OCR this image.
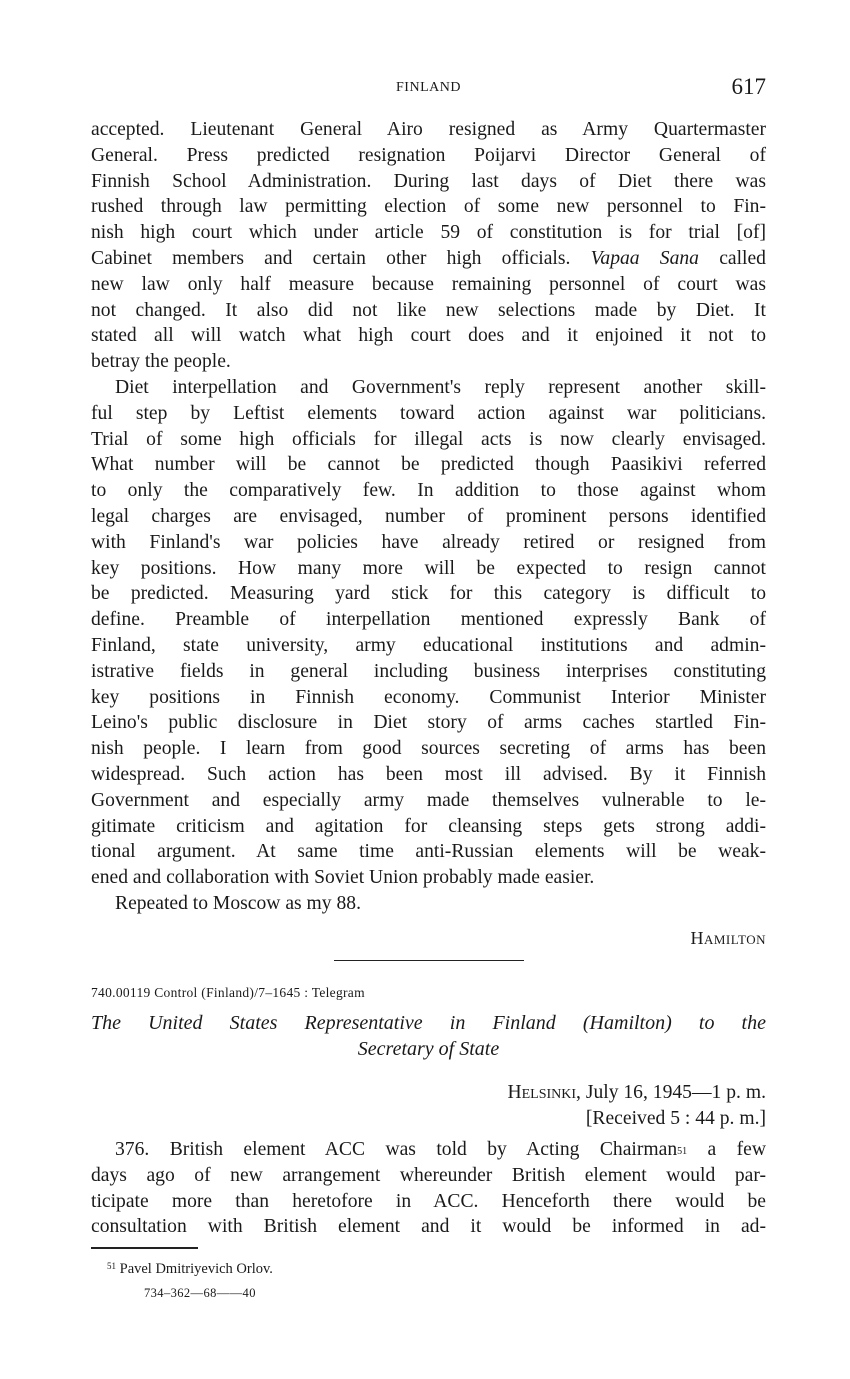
FINLAND	617
accepted. Lieutenant General Airo resigned as Army Quartermaster
General. Press predicted resignation Poijarvi Director General of
Finnish School Administration. During last days of Diet there was
rushed through law permitting election of some new personnel to Fin-
nish high court which under article 59 of constitution is for trial [of]
Cabinet members and certain other high officials. Vapaa Sana called
new law only half measure because remaining personnel of court was
not changed. It also did not like new selections made by Diet. It
stated all will watch what high court does and it enjoined it not to
betray the people.
Diet interpellation and Government's reply represent another skill-
ful step by Leftist elements toward action against war politicians.
Trial of some high officials for illegal acts is now clearly envisaged.
What number will be cannot be predicted though Paasikivi referred
to only the comparatively few. In addition to those against whom
legal charges are envisaged, number of prominent persons identified
with Finland's war policies have already retired or resigned from
key positions. How many more will be expected to resign cannot
be predicted. Measuring yard stick for this category is difficult to
define. Preamble of interpellation mentioned expressly Bank of
Finland, state university, army educational institutions and admin-
istrative fields in general including business interprises constituting
key positions in Finnish economy. Communist Interior Minister
Leino's public disclosure in Diet story of arms caches startled Fin-
nish people. I learn from good sources secreting of arms has been
widespread. Such action has been most ill advised. By it Finnish
Government and especially army made themselves vulnerable to le-
gitimate criticism and agitation for cleansing steps gets strong addi-
tional argument. At same time anti-Russian elements will be weak-
ened and collaboration with Soviet Union probably made easier.
Repeated to Moscow as my 88.
Hamilton
740.00119 Control (Finland)/7–1645 : Telegram
The United States Representative in Finland (Hamilton) to the
Secretary of State
Helsinki, July 16, 1945—1 p. m.
[Received 5 : 44 p. m.]
376. British element ACC was told by Acting Chairman$^{51}$ a few
days ago of new arrangement whereunder British element would par-
ticipate more than heretofore in ACC. Henceforth there would be
consultation with British element and it would be informed in ad-
$^{51}$ Pavel Dmitriyevich Orlov.
734–362—68——40
